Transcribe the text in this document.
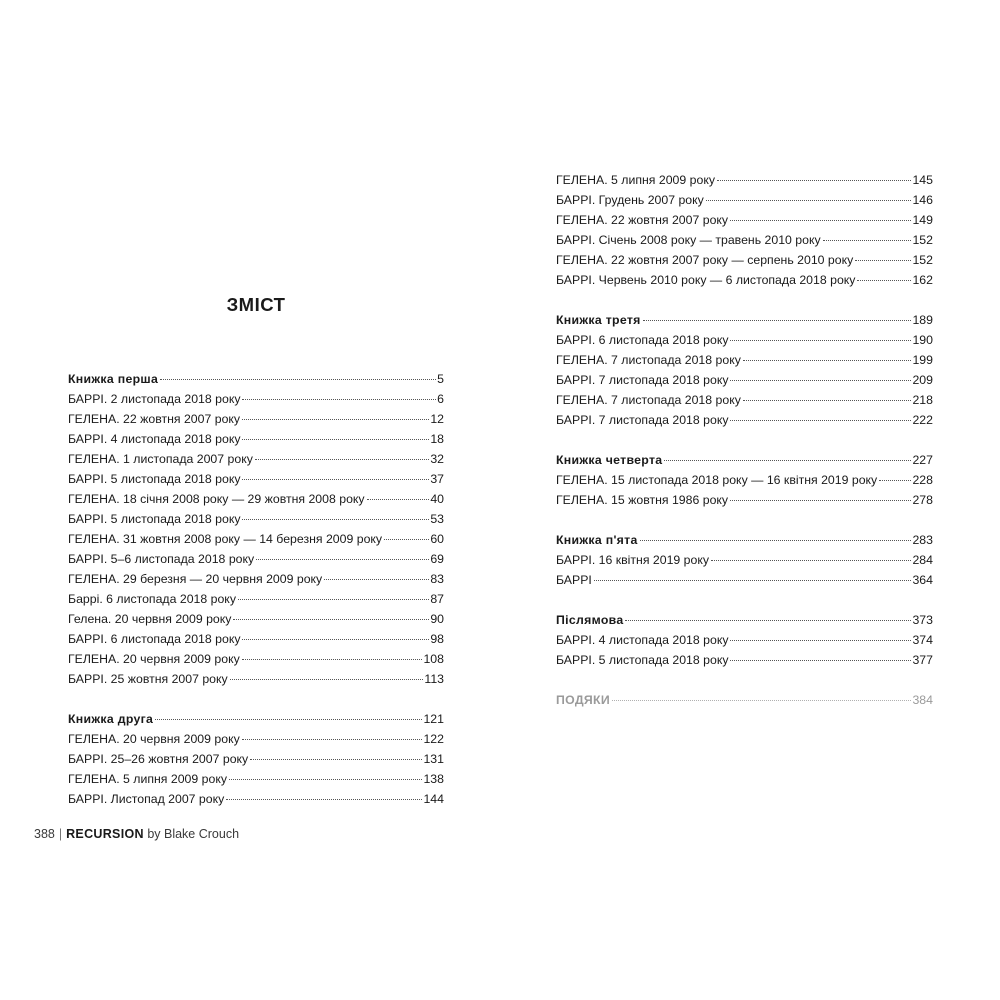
ЗМІСТ
Книжка перша	5
БАРРІ. 2 листопада 2018 року	6
ГЕЛЕНА. 22 жовтня 2007 року	12
БАРРІ. 4 листопада 2018 року	18
ГЕЛЕНА. 1 листопада 2007 року	32
БАРРІ. 5 листопада 2018 року	37
ГЕЛЕНА. 18 січня 2008 року — 29 жовтня 2008 року	40
БАРРІ. 5 листопада 2018 року	53
ГЕЛЕНА. 31 жовтня 2008 року — 14 березня 2009 року	60
БАРРІ. 5–6 листопада 2018 року	69
ГЕЛЕНА. 29 березня — 20 червня 2009 року	83
Баррі. 6 листопада 2018 року	87
Гелена. 20 червня 2009 року	90
БАРРІ. 6 листопада 2018 року	98
ГЕЛЕНА. 20 червня 2009 року	108
БАРРІ. 25 жовтня 2007 року	113
Книжка друга	121
ГЕЛЕНА. 20 червня 2009 року	122
БАРРІ. 25–26 жовтня 2007 року	131
ГЕЛЕНА. 5 липня 2009 року	138
БАРРІ. Листопад 2007 року	144
ГЕЛЕНА. 5 липня 2009 року	145
БАРРІ. Грудень 2007 року	146
ГЕЛЕНА. 22 жовтня 2007 року	149
БАРРІ. Січень 2008 року — травень 2010 року	152
ГЕЛЕНА. 22 жовтня 2007 року — серпень 2010 року	152
БАРРІ. Червень 2010 року — 6 листопада 2018 року	162
Книжка третя	189
БАРРІ. 6 листопада 2018 року	190
ГЕЛЕНА. 7 листопада 2018 року	199
БАРРІ. 7 листопада 2018 року	209
ГЕЛЕНА. 7 листопада 2018 року	218
БАРРІ. 7 листопада 2018 року	222
Книжка четверта	227
ГЕЛЕНА. 15 листопада 2018 року — 16 квітня 2019 року	228
ГЕЛЕНА. 15 жовтня 1986 року	278
Книжка п'ята	283
БАРРІ. 16 квітня 2019 року	284
БАРРІ	364
Післямова	373
БАРРІ. 4 листопада 2018 року	374
БАРРІ. 5 листопада 2018 року	377
ПОДЯКИ	384
388 | RECURSION by Blake Crouch
